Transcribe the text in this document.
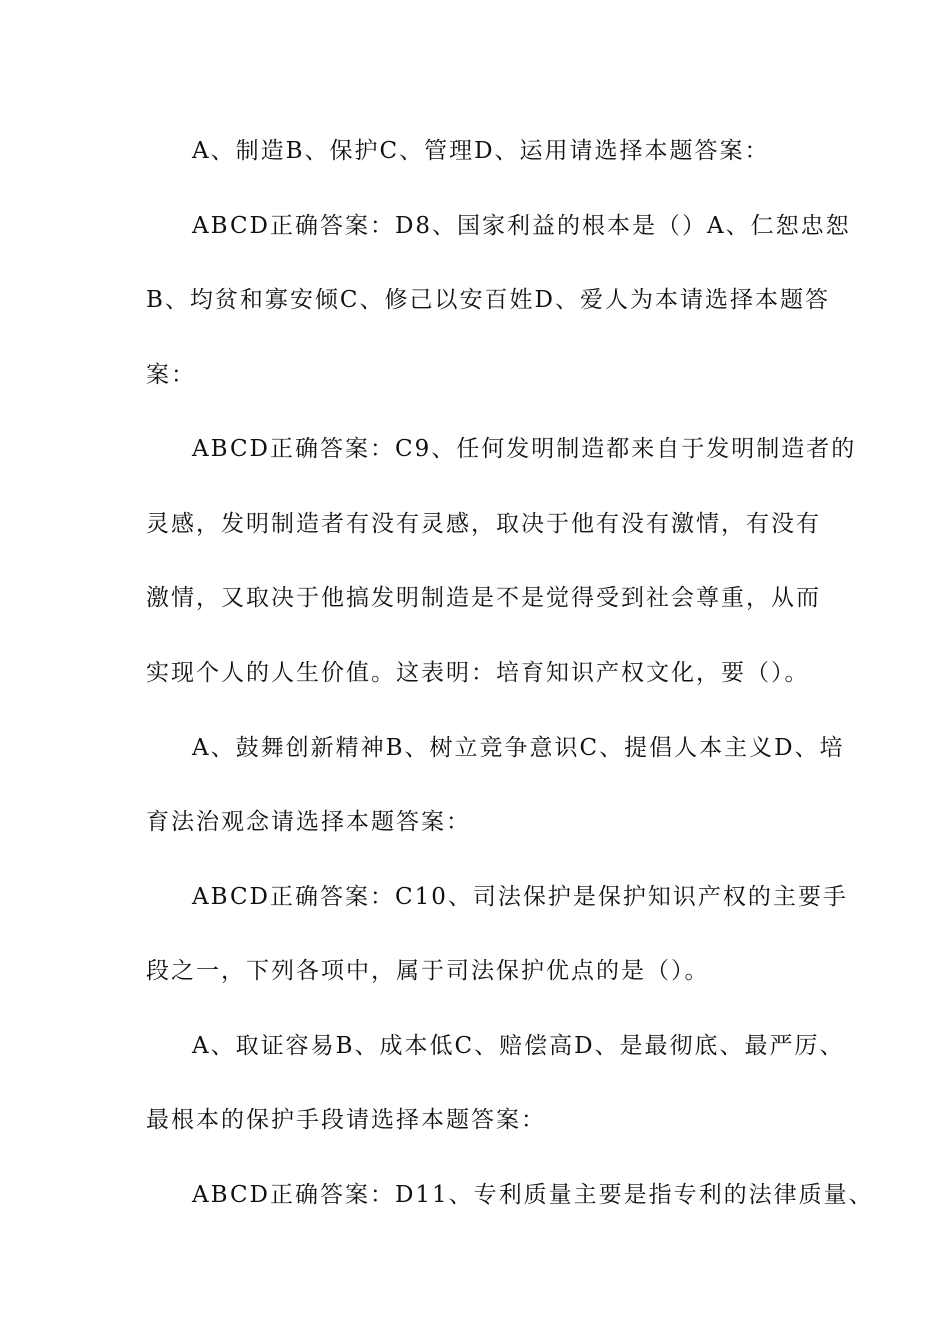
A、制造B、保护C、管理D、运用请选择本题答案：
ABCD正确答案：D8、国家利益的根本是（）A、仁恕忠恕
B、均贫和寡安倾C、修己以安百姓D、爱人为本请选择本题答
案：
ABCD正确答案：C9、任何发明制造都来自于发明制造者的
灵感，发明制造者有没有灵感，取决于他有没有激情，有没有
激情，又取决于他搞发明制造是不是觉得受到社会尊重，从而
实现个人的人生价值。这表明：培育知识产权文化，要（）。
A、鼓舞创新精神B、树立竞争意识C、提倡人本主义D、培
育法治观念请选择本题答案：
ABCD正确答案：C10、司法保护是保护知识产权的主要手
段之一，下列各项中，属于司法保护优点的是（）。
A、取证容易B、成本低C、赔偿高D、是最彻底、最严厉、
最根本的保护手段请选择本题答案：
ABCD正确答案：D11、专利质量主要是指专利的法律质量、
